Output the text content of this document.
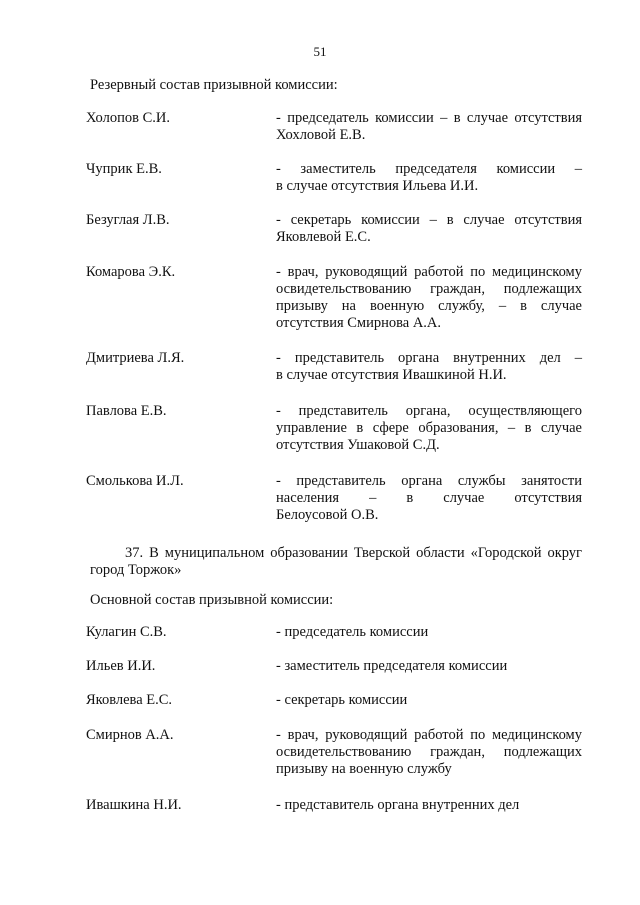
51
Резервный состав призывной комиссии:
Холопов С.И.	- председатель комиссии – в случае отсутствия
Хохловой Е.В.
Чуприк Е.В.	- заместитель председателя комиссии –
в случае отсутствия Ильева И.И.
Безуглая Л.В.	- секретарь комиссии – в случае отсутствия
Яковлевой Е.С.
Комарова Э.К.	- врач, руководящий работой по медицинскому
освидетельствованию граждан, подлежащих
призыву на военную службу, – в случае
отсутствия Смирнова А.А.
Дмитриева Л.Я.	- представитель органа внутренних дел –
в случае отсутствия Ивашкиной Н.И.
Павлова Е.В.	- представитель органа, осуществляющего
управление в сфере образования, – в случае
отсутствия Ушаковой С.Д.
Смолькова И.Л.	- представитель органа службы занятости
населения – в случае отсутствия
Белоусовой О.В.
37. В муниципальном образовании Тверской области «Городской округ
город Торжок»
Основной состав призывной комиссии:
Кулагин С.В.	- председатель комиссии
Ильев И.И.	- заместитель председателя комиссии
Яковлева Е.С.	- секретарь комиссии
Смирнов А.А.	- врач, руководящий работой по медицинскому
освидетельствованию граждан, подлежащих
призыву на военную службу
Ивашкина Н.И.	- представитель органа внутренних дел
